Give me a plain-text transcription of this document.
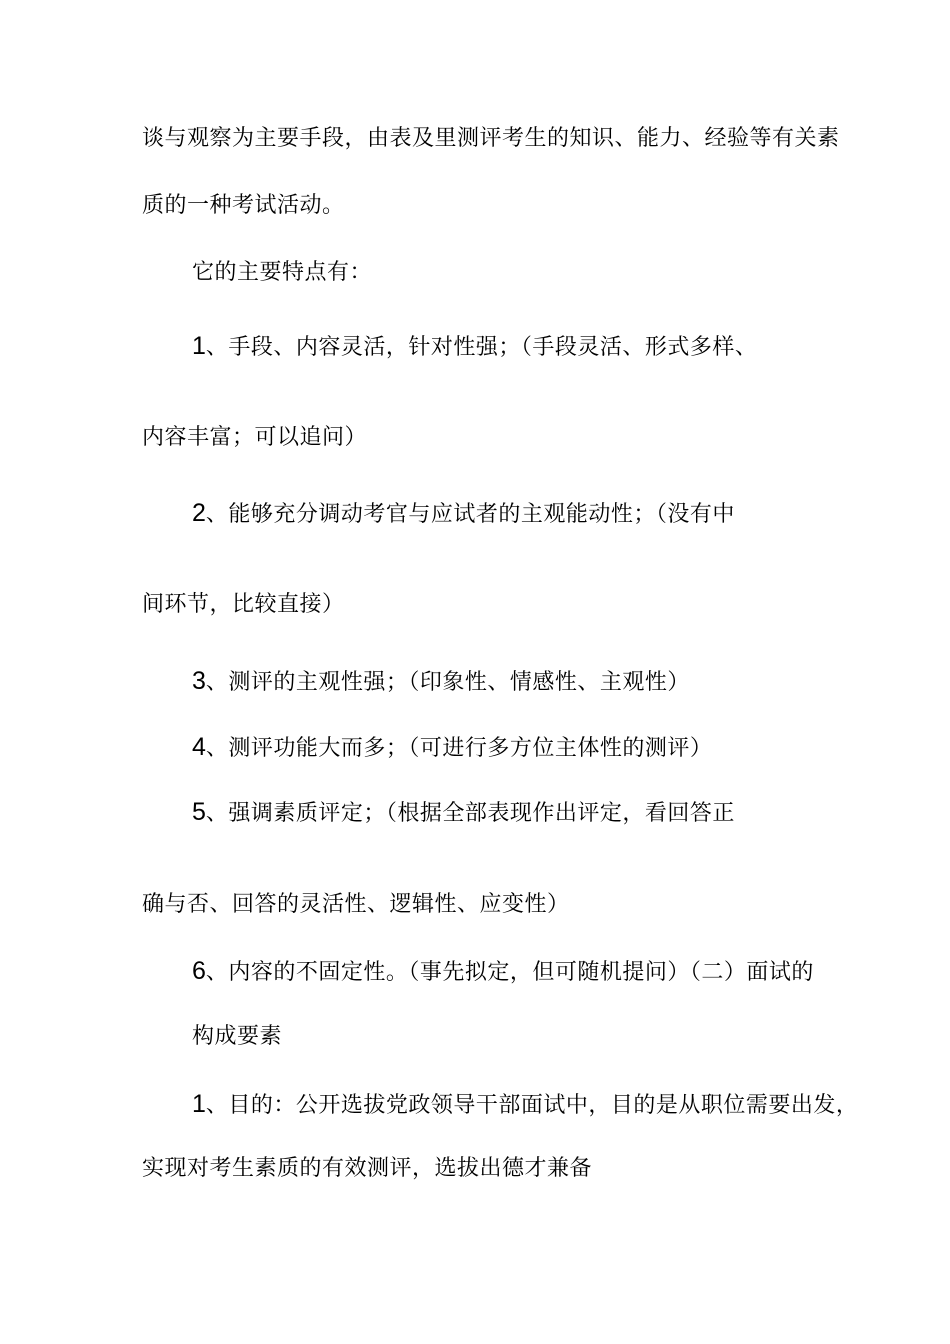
谈与观察为主要手段，由表及里测评考生的知识、能力、经验等有关素
质的一种考试活动。
它的主要特点有：
1、手段、内容灵活，针对性强；（手段灵活、形式多样、
内容丰富；可以追问）
2、能够充分调动考官与应试者的主观能动性；（没有中
间环节，比较直接）
3、测评的主观性强；（印象性、情感性、主观性）
4、测评功能大而多；（可进行多方位主体性的测评）
5、强调素质评定；（根据全部表现作出评定，看回答正
确与否、回答的灵活性、逻辑性、应变性）
6、内容的不固定性。（事先拟定，但可随机提问）（二）面试的
构成要素
1、目的：公开选拔党政领导干部面试中，目的是从职位需要出发，
实现对考生素质的有效测评，选拔出德才兼备
